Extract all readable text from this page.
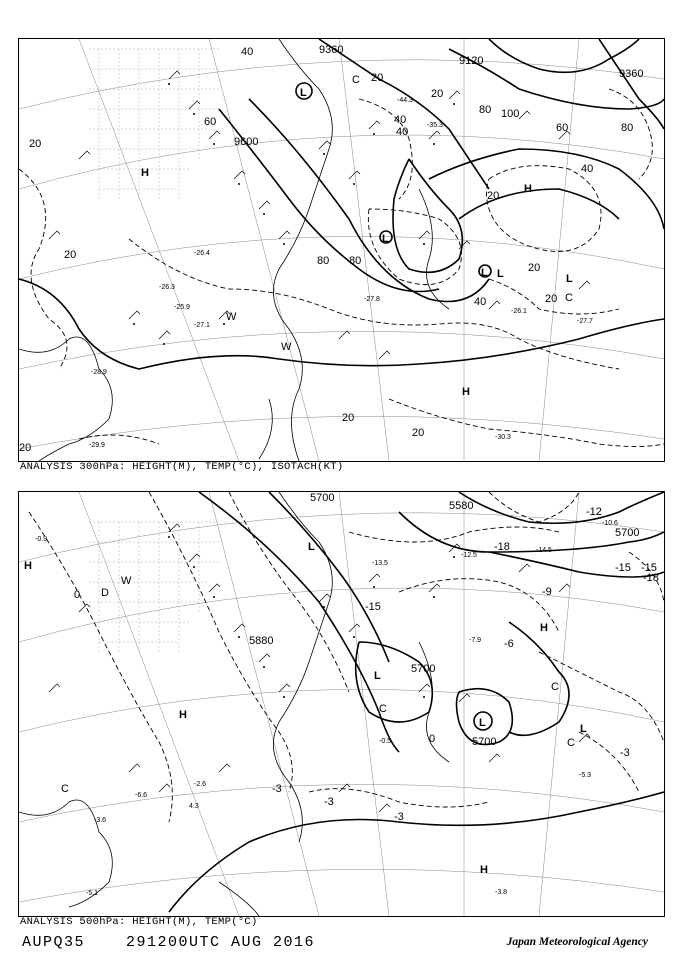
9360
9120
9360
9600
40
20
40
60
80 100
80
40
20
20
40
60
80
80
40	20
20
20
20
20
20
20
-26.1
-27.8
-29.9
-30.3
-27.7
-44.3
-35.3
-26.3
-25.9
-28.9
-26.4
-27.1
L
L
L	L
H
H
H
L
W
W
C
C
ANALYSIS 300hPa: HEIGHT(M), TEMP(°C), ISOTACH(KT)
5700
5580
5700
5700
5700
5880
-12
-15
-18
-15
-9
-6
-3
-3
-3
0
0
-3
-15
-18
-13.5
-14.5
-10.6
-5.3
-3.8
-5.1
-3.6
4.3
-2.6
-0.9
-0.5
-6.6
-12.5
-7.9
H
H
H
H
L	L
L
L
C
C
C
C
W
D
ANALYSIS 500hPa: HEIGHT(M), TEMP(°C)
AUPQ35	291200UTC AUG 2016	Japan Meteorological Agency
